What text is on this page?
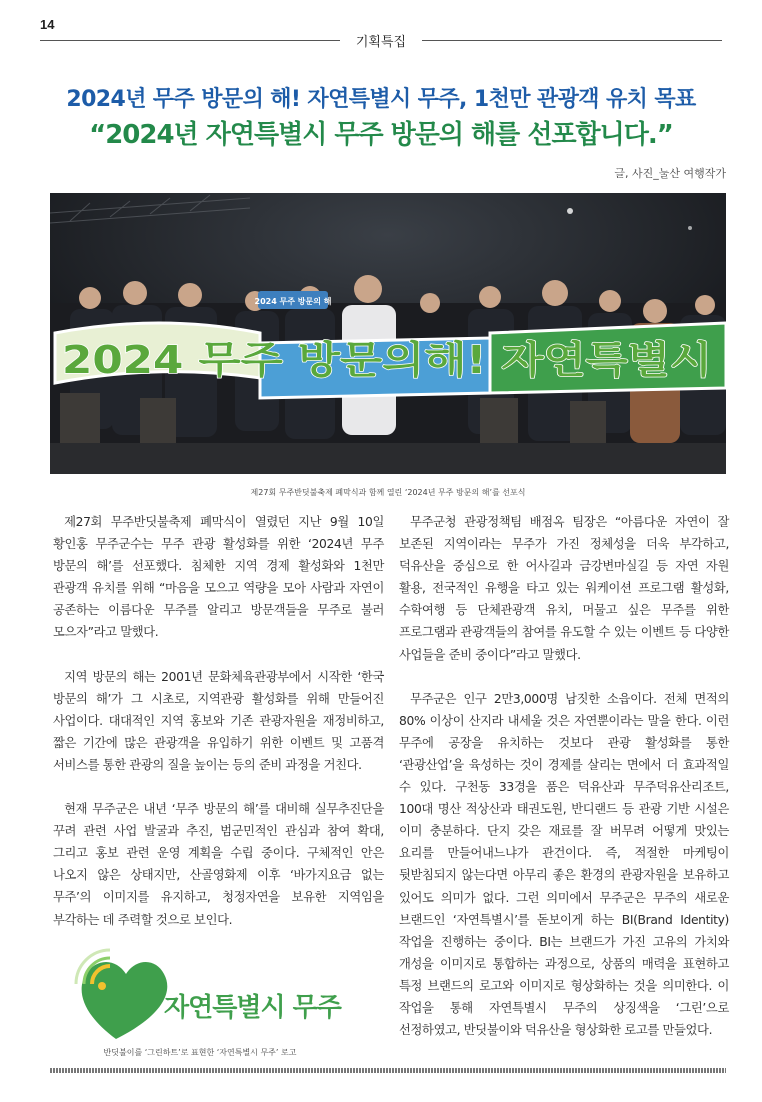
14
기획특집
2024년 무주 방문의 해! 자연특별시 무주, 1천만 관광객 유치 목표
“2024년 자연특별시 무주 방문의 해를 선포합니다.”
글, 사진_눌산 여행작가
2024 무주 방문의 해
2024 무주 방문의해! 자연특별시
제27회 무주반딧불축제 폐막식과 함께 열린 ‘2024년 무주 방문의 해’를 선포식

제27회 무주반딧불축제 폐막식이 열렸던 지난 9월 10일 황인홍 무주군수는 무주 관광 활성화를 위한 ‘2024년 무주 방문의 해’를 선포했다. 침체한 지역 경제 활성화와 1천만 관광객 유치를 위해 “마음을 모으고 역량을 모아 사람과 자연이 공존하는 이름다운 무주를 알리고 방문객들을 무주로 불러 모으자”라고 말했다.

지역 방문의 해는 2001년 문화체육관광부에서 시작한 ‘한국 방문의 해’가 그 시초로, 지역관광 활성화를 위해 만들어진 사업이다. 대대적인 지역 홍보와 기존 관광자원을 재정비하고, 짧은 기간에 많은 관광객을 유입하기 위한 이벤트 및 고품격 서비스를 통한 관광의 질을 높이는 등의 준비 과정을 거친다.

현재 무주군은 내년 ‘무주 방문의 해’를 대비해 실무추진단을 꾸려 관련 사업 발굴과 추진, 범군민적인 관심과 참여 확대, 그리고 홍보 관련 운영 계획을 수립 중이다. 구체적인 안은 나오지 않은 상태지만, 산골영화제 이후 ‘바가지요금 없는 무주’의 이미지를 유지하고, 청정자연을 보유한 지역임을 부각하는 데 주력할 것으로 보인다.

무주군청 관광정책팀 배점옥 팀장은 “아름다운 자연이 잘 보존된 지역이라는 무주가 가진 정체성을 더욱 부각하고, 덕유산을 중심으로 한 어사길과 금강변마실길 등 자연 자원 활용, 전국적인 유행을 타고 있는 워케이션 프로그램 활성화, 수학여행 등 단체관광객 유치, 머물고 싶은 무주를 위한 프로그램과 관광객들의 참여를 유도할 수 있는 이벤트 등 다양한 사업들을 준비 중이다”라고 말했다.

무주군은 인구 2만3,000명 남짓한 소읍이다. 전체 면적의 80% 이상이 산지라 내세울 것은 자연뿐이라는 말을 한다. 이런 무주에 공장을 유치하는 것보다 관광 활성화를 통한 ‘관광산업’을 육성하는 것이 경제를 살리는 면에서 더 효과적일 수 있다. 구천동 33경을 품은 덕유산과 무주덕유산리조트, 100대 명산 적상산과 태권도원, 반디랜드 등 관광 기반 시설은 이미 충분하다. 단지 갖은 재료를 잘 버무려 어떻게 맛있는 요리를 만들어내느냐가 관건이다. 즉, 적절한 마케팅이 뒷받침되지 않는다면 아무리 좋은 환경의 관광자원을 보유하고 있어도 의미가 없다. 그런 의미에서 무주군은 무주의 새로운 브랜드인 ‘자연특별시’를 돋보이게 하는 BI(Brand Identity) 작업을 진행하는 중이다. BI는 브랜드가 가진 고유의 가치와 개성을 이미지로 통합하는 과정으로, 상품의 매력을 표현하고 특정 브랜드의 로고와 이미지로 형상화하는 것을 의미한다. 이 작업을 통해 자연특별시 무주의 상징색을 ‘그린’으로 선정하였고, 반딧불이와 덕유산을 형상화한 로고를 만들었다.

자연특별시 무주
반딧불이를 ‘그린하트’로 표현한 ‘자연특별시 무주’ 로고
